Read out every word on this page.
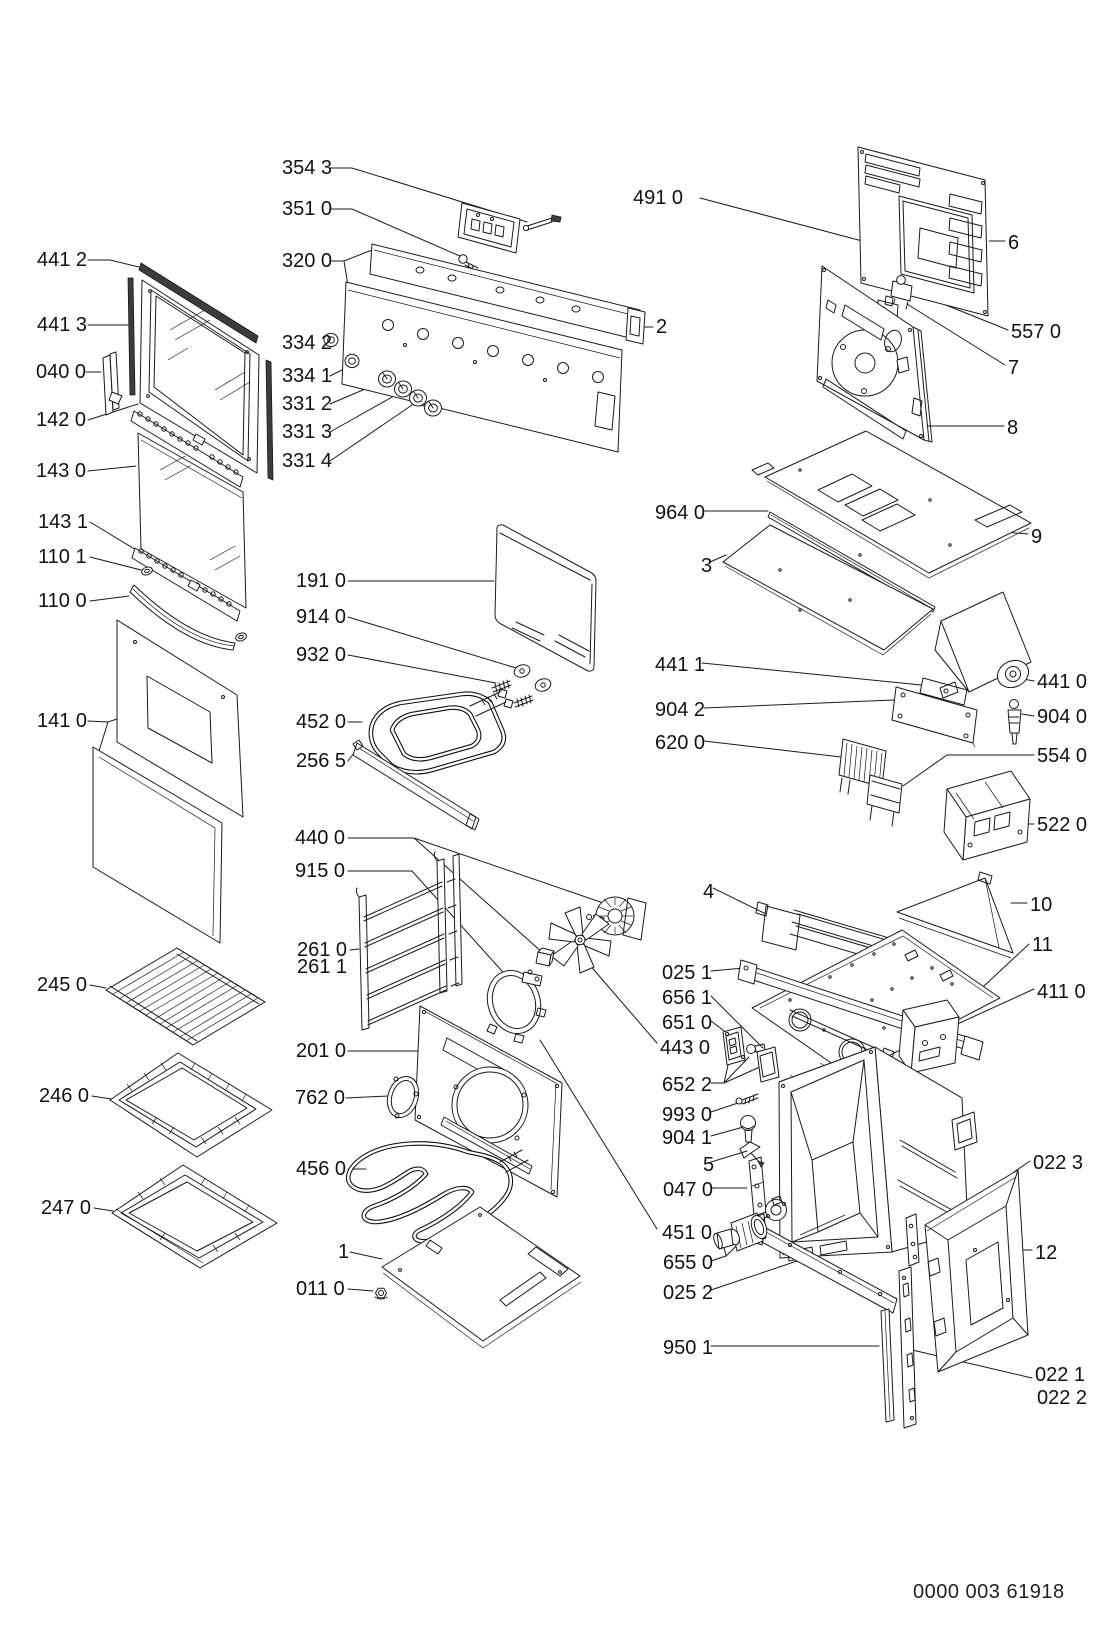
441 2
441 3
040 0
142 0
143 0
143 1
110 1
110 0
141 0
245 0
246 0
247 0
354 3
351 0
320 0
334 2
334 1
331 2
331 3
331 4
191 0
914 0
932 0
452 0
256 5
440 0
915 0
261 0
261 1
201 0
762 0
456 0
1
011 0
491 0
2
6
557 0
7
8
9
964 0
3
441 1
904 2
620 0
441 0
904 0
554 0
522 0
4
10
11
411 0
025 1
656 1
651 0
443 0
652 2
993 0
904 1
5
047 0
451 0
655 0
025 2
950 1
022 3
12
022 1
022 2
0000 003 61918
